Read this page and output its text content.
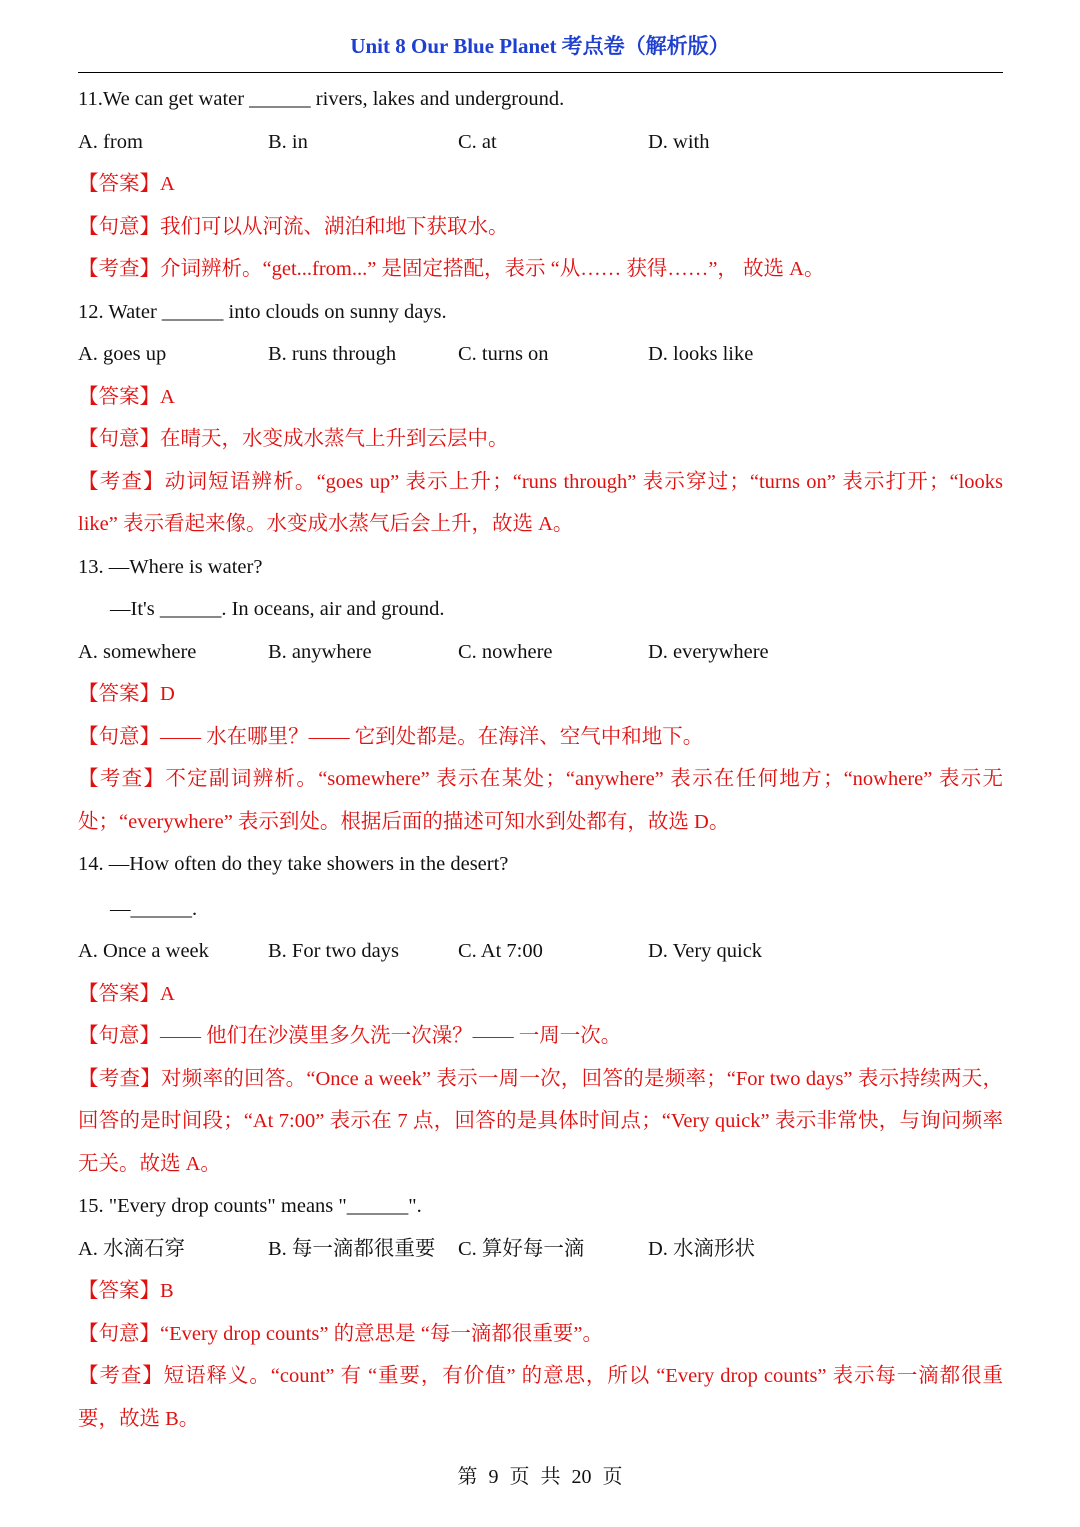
Unit 8 Our Blue Planet 考点卷（解析版）
11.We can get water ______ rivers, lakes and underground.
A. from	B. in	C. at	D. with
【答案】A
【句意】我们可以从河流、湖泊和地下获取水。
【考查】介词辨析。“get...from...” 是固定搭配，表示 “从…… 获得……”， 故选 A。
12. Water ______ into clouds on sunny days.
A. goes up	B. runs through	C. turns on	D. looks like
【答案】A
【句意】在晴天，水变成水蒸气上升到云层中。
【考查】动词短语辨析。“goes up” 表示上升；“runs through” 表示穿过；“turns on” 表示打开；“looks like” 表示看起来像。水变成水蒸气后会上升，故选 A。
13. —Where is water?
—It's ______. In oceans, air and ground.
A. somewhere	B. anywhere	C. nowhere	D. everywhere
【答案】D
【句意】—— 水在哪里？—— 它到处都是。在海洋、空气中和地下。
【考查】不定副词辨析。“somewhere” 表示在某处；“anywhere” 表示在任何地方；“nowhere” 表示无处；“everywhere” 表示到处。根据后面的描述可知水到处都有，故选 D。
14. —How often do they take showers in the desert?
—______.
A. Once a week	B. For two days	C. At 7:00	D. Very quick
【答案】A
【句意】—— 他们在沙漠里多久洗一次澡？—— 一周一次。
【考查】对频率的回答。“Once a week” 表示一周一次，回答的是频率；“For two days” 表示持续两天，回答的是时间段；“At 7:00” 表示在 7 点，回答的是具体时间点；“Very quick” 表示非常快，与询问频率无关。故选 A。
15. "Every drop counts" means "______".
A. 水滴石穿	B. 每一滴都很重要	C. 算好每一滴	D. 水滴形状
【答案】B
【句意】“Every drop counts” 的意思是 “每一滴都很重要”。
【考查】短语释义。“count” 有 “重要，有价值” 的意思，所以 “Every drop counts” 表示每一滴都很重要，故选 B。
第 9 页 共 20 页
